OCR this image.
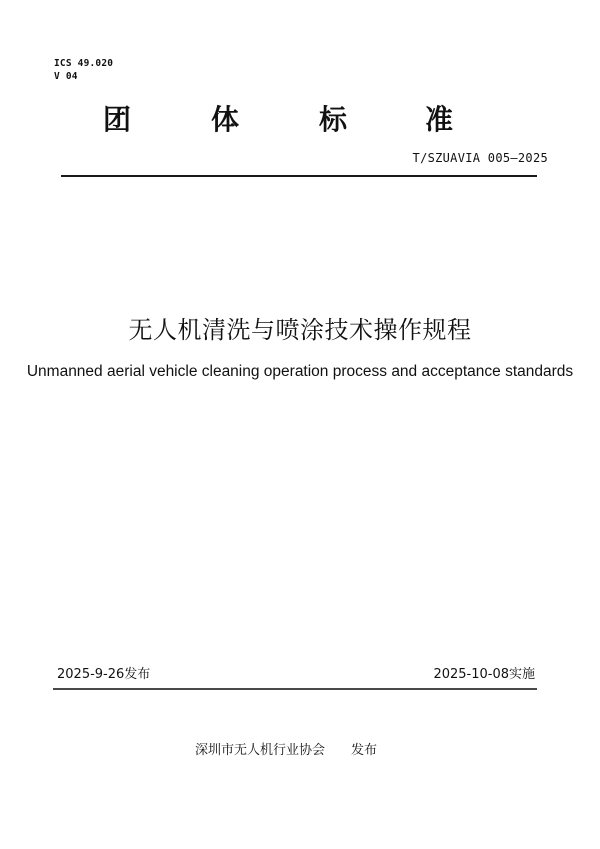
ICS 49.020
V 04
团	体	标	准
T/SZUAVIA 005—2025
无人机清洗与喷涂技术操作规程
Unmanned aerial vehicle cleaning operation process and acceptance standards
2025-9-26发布	2025-10-08实施
深圳市无人机行业协会 发布
